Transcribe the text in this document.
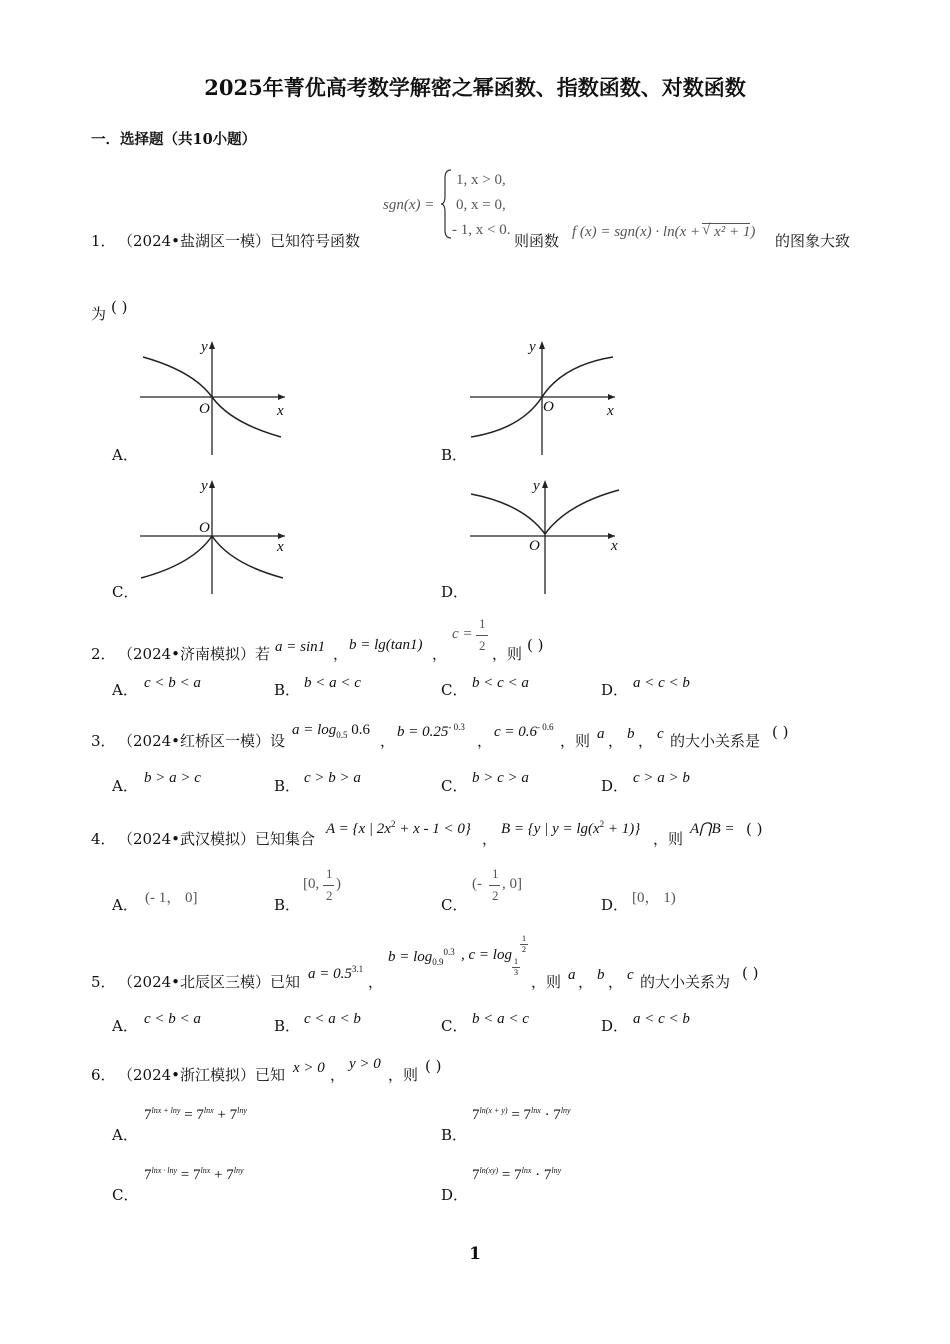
2025年菁优高考数学解密之幂函数、指数函数、对数函数
一．选择题（共10小题）
1． （2024•盐湖区一模）已知符号函数
sgn(x) =
1, x > 0,
0, x = 0,
- 1, x < 0.
则函数 f (x) = sgn(x) · ln(x + √ x² + 1) 的图象大致
为 ( )
A．
y
O	x
B．
y
O	x
C．
y
O
x
D．
y
O	x
2． （2024•济南模拟）若 a = sin1 ， b = lg(tan1) ，
c =
1
2 ，则 ( )
A． c < b < a	B． b < a < c	C． b < c < a	D． a < c < b
3． （2024•红桥区一模）设
$a = \log_{0.5} 0.6$
， $b = 0.25^{- 0.3}$
， $c = 0.6^{- 0.6}$
，则 a ， b ， c 的大小关系是 ( )
A． b > a > c	B． c > b > a	C． b > c > a	D． c > a > b
4． （2024•武汉模拟）已知集合
A = {x | $2x^2 + x - 1 < 0$}
，
B = {y | $y = \lg(x^2 + 1)$}
，则
A⋂B = ( )
A． (- 1， 0]	B．
[0,
1
2
)
C．
(-
1
2
, 0]
D． [0， 1)
5． （2024•北辰区三模）已知 $a = 0.5^{3.1}$
，
$b = \log_{0.9}^{0.3}$ , c = log 1
3
1
2
，则 a ， b ， c 的大小关系为 ( )
A． c < b < a	B． c < a < b	C． b < a < c	D． a < c < b
6． （2024•浙江模拟）已知 x > 0 ，
y > 0
，则 ( )
A．
$7^{lnx + lny} = 7^{lnx} + 7^{lny}$
B．
$7^{ln(x + y)} = 7^{lnx} \cdot 7^{lny}$
C．
$7^{lnx \cdot lny} = 7^{lnx} + 7^{lny}$
D．
$7^{ln(xy)} = 7^{lnx} \cdot 7^{lny}$
1
